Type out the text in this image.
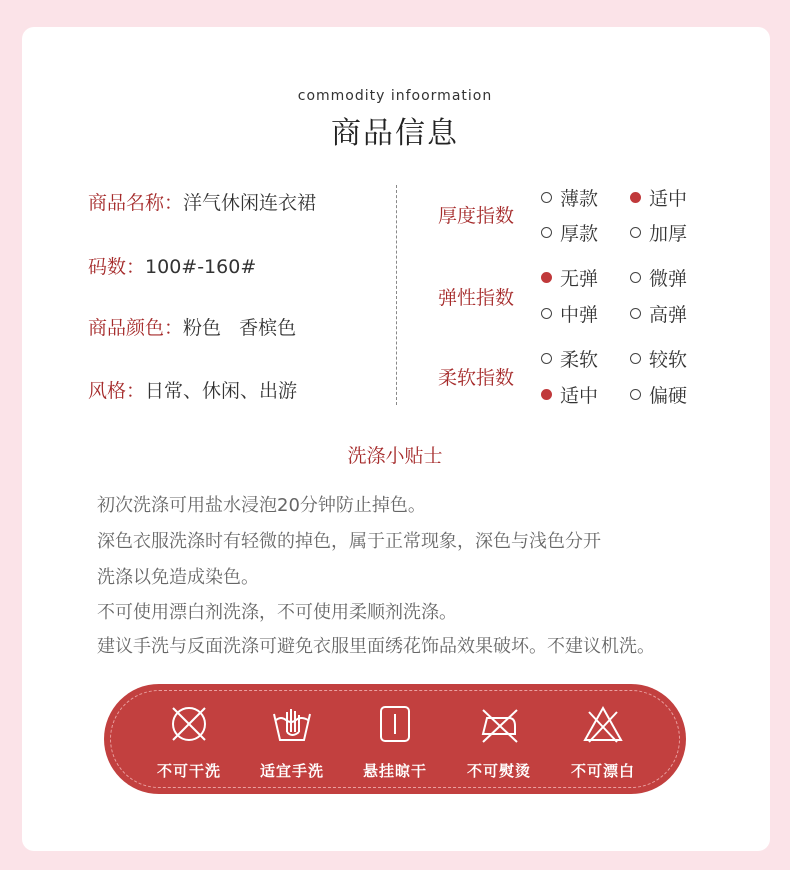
commodity infoormation
商品信息
商品名称：洋气休闲连衣裙
码数：100#-160#
商品颜色：粉色   香槟色
风格：日常、休闲、出游
厚度指数
薄款	适中
厚款	加厚
弹性指数
无弹	微弹
中弹	高弹
柔软指数
柔软	较软
适中	偏硬
洗涤小贴士
初次洗涤可用盐水浸泡20分钟防止掉色。
深色衣服洗涤时有轻微的掉色，属于正常现象，深色与浅色分开
洗涤以免造成染色。
不可使用漂白剂洗涤，不可使用柔顺剂洗涤。
建议手洗与反面洗涤可避免衣服里面绣花饰品效果破坏。不建议机洗。
不可干洗	适宜手洗	悬挂晾干	不可熨烫	不可漂白
